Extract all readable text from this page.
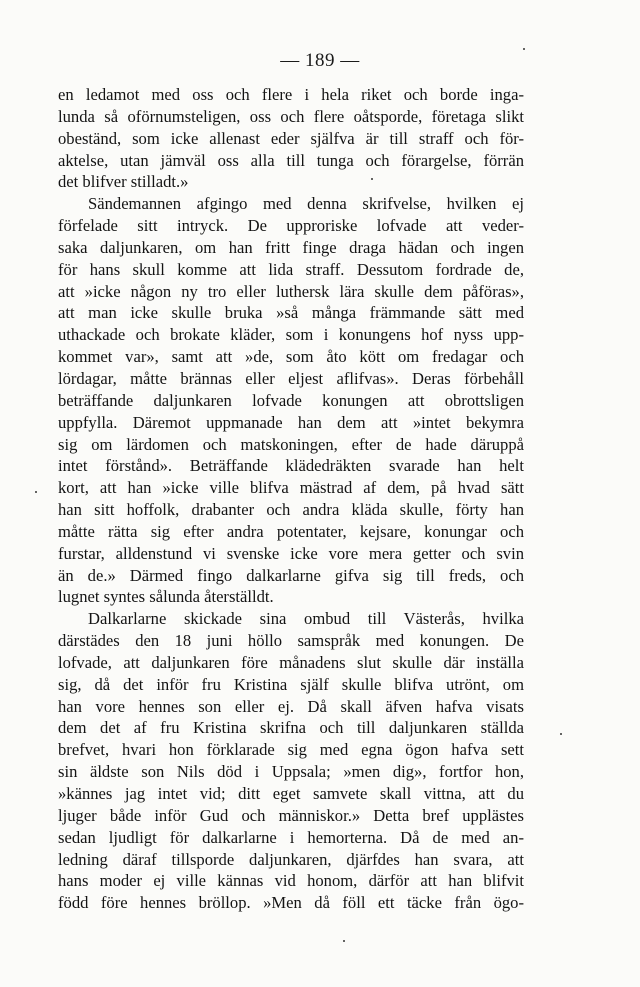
— 189 —
en ledamot med oss och flere i hela riket och borde inga-
lunda så oförnumsteligen, oss och flere oåtsporde, företaga slikt
obeständ, som icke allenast eder själfva är till straff och för-
aktelse, utan jämväl oss alla till tunga och förargelse, förrän
det blifver stilladt.»
Sändemannen afgingo med denna skrifvelse, hvilken ej
förfelade sitt intryck. De upproriske lofvade att veder-
saka daljunkaren, om han fritt finge draga hädan och ingen
för hans skull komme att lida straff. Dessutom fordrade de,
att »icke någon ny tro eller luthersk lära skulle dem påföras»,
att man icke skulle bruka »så många främmande sätt med
uthackade och brokate kläder, som i konungens hof nyss upp-
kommet var», samt att »de, som åto kött om fredagar och
lördagar, måtte brännas eller eljest aflifvas». Deras förbehåll
beträffande daljunkaren lofvade konungen att obrottsligen
uppfylla. Däremot uppmanade han dem att »intet bekymra
sig om lärdomen och matskoningen, efter de hade däruppå
intet förstånd». Beträffande klädedräkten svarade han helt
kort, att han »icke ville blifva mästrad af dem, på hvad sätt
han sitt hoffolk, drabanter och andra kläda skulle, förty han
måtte rätta sig efter andra potentater, kejsare, konungar och
furstar, alldenstund vi svenske icke vore mera getter och svin
än de.» Därmed fingo dalkarlarne gifva sig till freds, och
lugnet syntes sålunda återställdt.
Dalkarlarne skickade sina ombud till Västerås, hvilka
därstädes den 18 juni höllo samspråk med konungen. De
lofvade, att daljunkaren före månadens slut skulle där inställa
sig, då det inför fru Kristina själf skulle blifva utrönt, om
han vore hennes son eller ej. Då skall äfven hafva visats
dem det af fru Kristina skrifna och till daljunkaren ställda
brefvet, hvari hon förklarade sig med egna ögon hafva sett
sin äldste son Nils död i Uppsala; »men dig», fortfor hon,
»kännes jag intet vid; ditt eget samvete skall vittna, att du
ljuger både inför Gud och människor.» Detta bref upplästes
sedan ljudligt för dalkarlarne i hemorterna. Då de med an-
ledning däraf tillsporde daljunkaren, djärfdes han svara, att
hans moder ej ville kännas vid honom, därför att han blifvit
född före hennes bröllop. »Men då föll ett täcke från ögo-
